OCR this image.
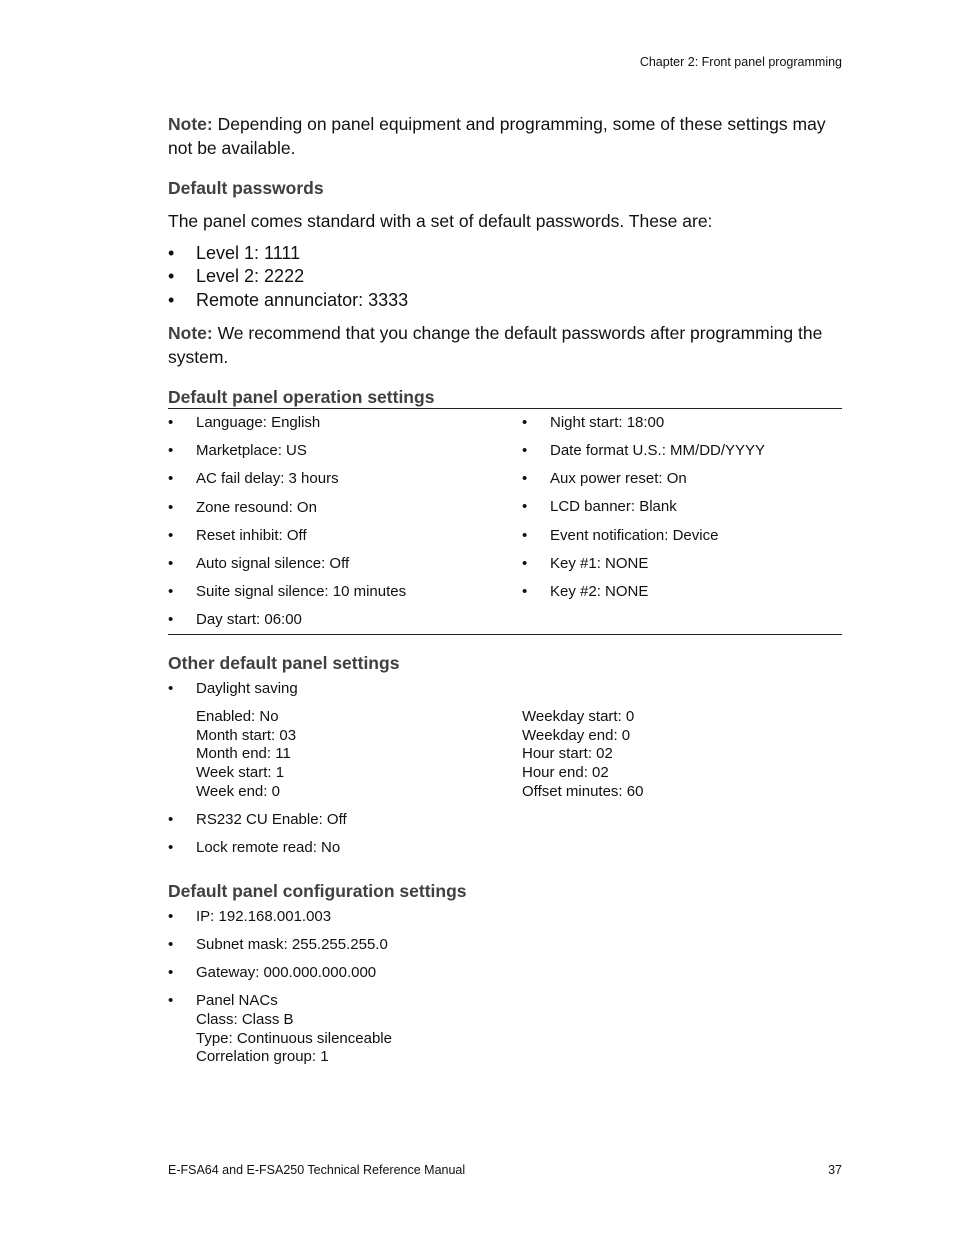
Chapter 2: Front panel programming
Note: Depending on panel equipment and programming, some of these settings may not be available.
Default passwords
The panel comes standard with a set of default passwords. These are:
• Level 1: 1111
• Level 2: 2222
• Remote annunciator: 3333
Note: We recommend that you change the default passwords after programming the system.
Default panel operation settings
• Language: English
• Marketplace: US
• AC fail delay: 3 hours
• Zone resound: On
• Reset inhibit: Off
• Auto signal silence: Off
• Suite signal silence: 10 minutes
• Day start: 06:00
• Night start: 18:00
• Date format U.S.: MM/DD/YYYY
• Aux power reset: On
• LCD banner: Blank
• Event notification: Device
• Key #1: NONE
• Key #2: NONE
Other default panel settings
• Daylight saving
Enabled: No
Month start: 03
Month end: 11
Week start: 1
Week end: 0
Weekday start: 0
Weekday end: 0
Hour start: 02
Hour end: 02
Offset minutes: 60
• RS232 CU Enable: Off
• Lock remote read: No
Default panel configuration settings
• IP: 192.168.001.003
• Subnet mask: 255.255.255.0
• Gateway: 000.000.000.000
• Panel NACs
Class: Class B
Type: Continuous silenceable
Correlation group: 1
E-FSA64 and E-FSA250 Technical Reference Manual	37
